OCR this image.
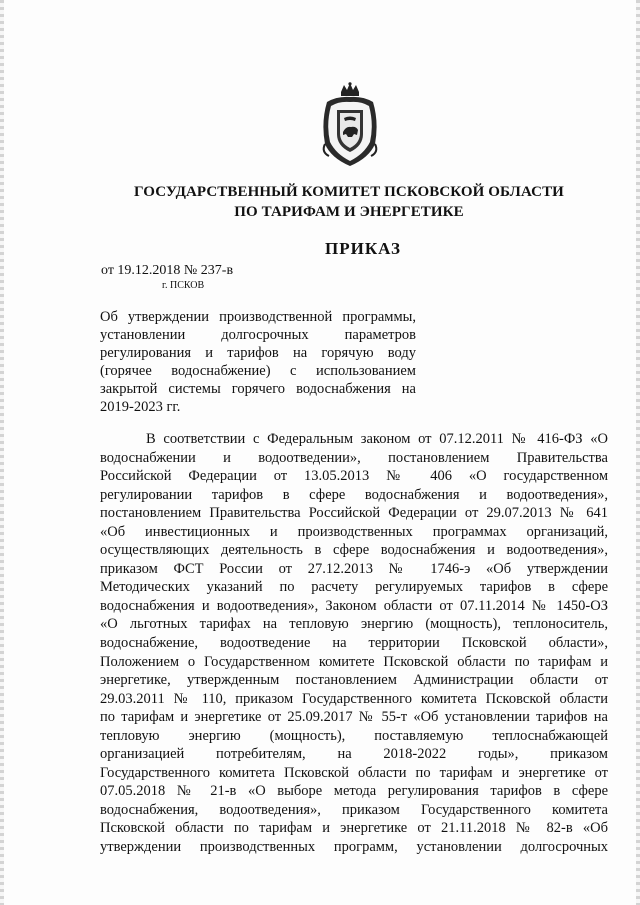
ГОСУДАРСТВЕННЫЙ КОМИТЕТ ПСКОВСКОЙ ОБЛАСТИ
ПО ТАРИФАМ И ЭНЕРГЕТИКЕ
ПРИКАЗ
от 19.12.2018 № 237-в
г. ПСКОВ
Об утверждении производственной программы,
установлении долгосрочных параметров
регулирования и тарифов на горячую воду
(горячее водоснабжение) с использованием
закрытой системы горячего водоснабжения на
2019-2023 гг.
В соответствии с Федеральным законом от 07.12.2011 № 416-ФЗ «О
водоснабжении и водоотведении», постановлением Правительства
Российской Федерации от 13.05.2013 № 406 «О государственном
регулировании тарифов в сфере водоснабжения и водоотведения»,
постановлением Правительства Российской Федерации от 29.07.2013 № 641
«Об инвестиционных и производственных программах организаций,
осуществляющих деятельность в сфере водоснабжения и водоотведения»,
приказом ФСТ России от 27.12.2013 № 1746-э «Об утверждении
Методических указаний по расчету регулируемых тарифов в сфере
водоснабжения и водоотведения», Законом области от 07.11.2014 № 1450-ОЗ
«О льготных тарифах на тепловую энергию (мощность), теплоноситель,
водоснабжение, водоотведение на территории Псковской области»,
Положением о Государственном комитете Псковской области по тарифам и
энергетике, утвержденным постановлением Администрации области от
29.03.2011 № 110, приказом Государственного комитета Псковской области
по тарифам и энергетике от 25.09.2017 № 55-т «Об установлении тарифов на
тепловую энергию (мощность), поставляемую теплоснабжающей
организацией потребителям, на 2018-2022 годы», приказом
Государственного комитета Псковской области по тарифам и энергетике от
07.05.2018 № 21-в «О выборе метода регулирования тарифов в сфере
водоснабжения, водоотведения», приказом Государственного комитета
Псковской области по тарифам и энергетике от 21.11.2018 № 82-в «Об
утверждении производственных программ, установлении долгосрочных
